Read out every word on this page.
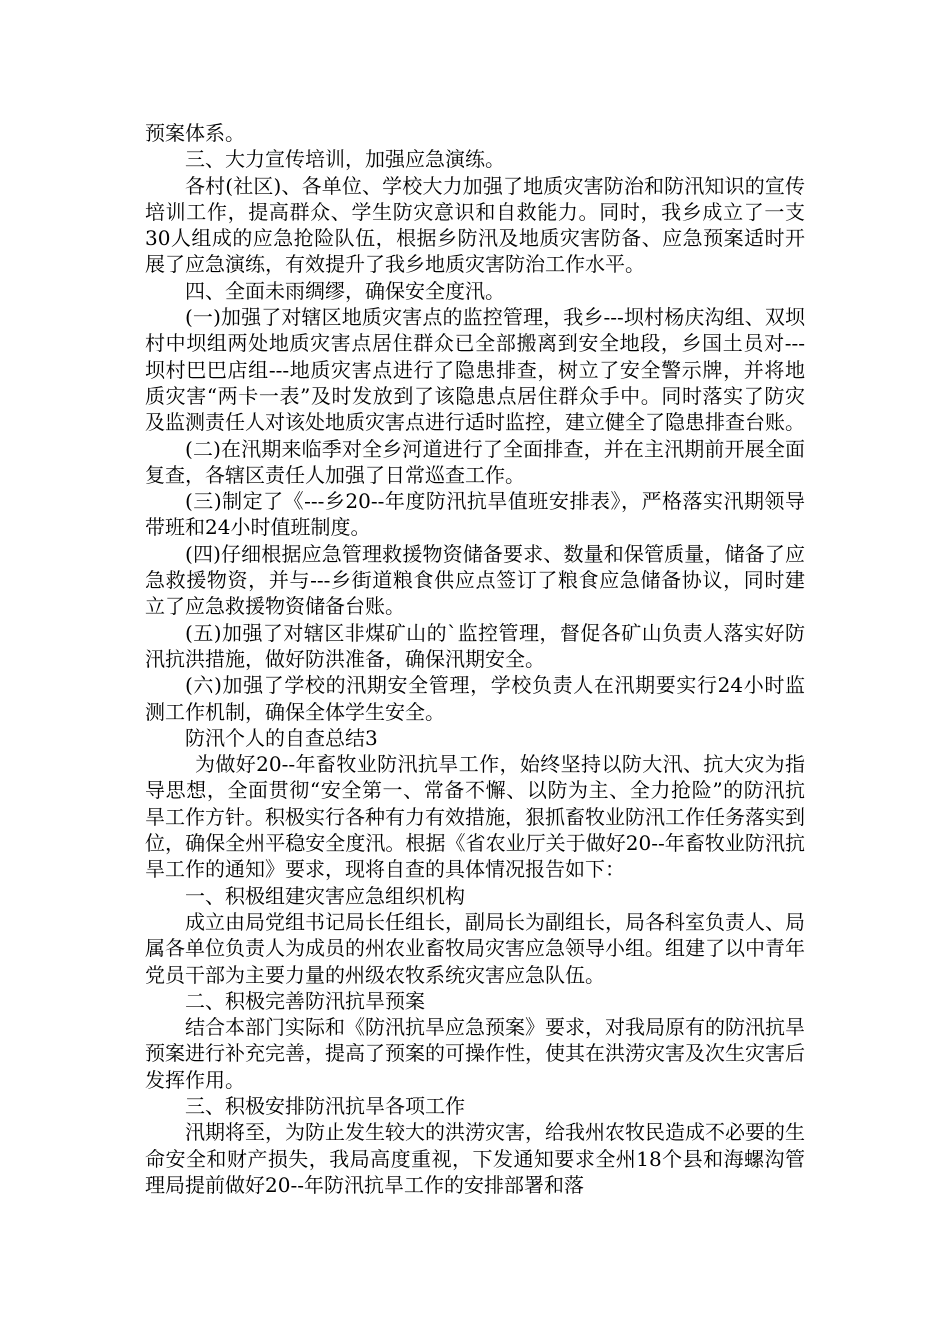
预案体系。

三、大力宣传培训，加强应急演练。

各村(社区)、各单位、学校大力加强了地质灾害防治和防汛知识的宣传培训工作，提高群众、学生防灾意识和自救能力。同时，我乡成立了一支30人组成的应急抢险队伍，根据乡防汛及地质灾害防备、应急预案适时开展了应急演练，有效提升了我乡地质灾害防治工作水平。

四、全面未雨绸缪，确保安全度汛。

(一)加强了对辖区地质灾害点的监控管理，我乡---坝村杨庆沟组、双坝村中坝组两处地质灾害点居住群众已全部搬离到安全地段，乡国土员对---坝村巴巴店组---地质灾害点进行了隐患排查，树立了安全警示牌，并将地质灾害“两卡一表”及时发放到了该隐患点居住群众手中。同时落实了防灾及监测责任人对该处地质灾害点进行适时监控，建立健全了隐患排查台账。

(二)在汛期来临季对全乡河道进行了全面排查，并在主汛期前开展全面复查，各辖区责任人加强了日常巡查工作。

(三)制定了《---乡20--年度防汛抗旱值班安排表》，严格落实汛期领导带班和24小时值班制度。

(四)仔细根据应急管理救援物资储备要求、数量和保管质量，储备了应急救援物资，并与---乡街道粮食供应点签订了粮食应急储备协议，同时建立了应急救援物资储备台账。

(五)加强了对辖区非煤矿山的`监控管理，督促各矿山负责人落实好防汛抗洪措施，做好防洪准备，确保汛期安全。

(六)加强了学校的汛期安全管理，学校负责人在汛期要实行24小时监测工作机制，确保全体学生安全。

防汛个人的自查总结3

为做好20--年畜牧业防汛抗旱工作，始终坚持以防大汛、抗大灾为指导思想，全面贯彻“安全第一、常备不懈、以防为主、全力抢险”的防汛抗旱工作方针。积极实行各种有力有效措施，狠抓畜牧业防汛工作任务落实到位，确保全州平稳安全度汛。根据《省农业厅关于做好20--年畜牧业防汛抗旱工作的通知》要求，现将自查的具体情况报告如下：

一、积极组建灾害应急组织机构

成立由局党组书记局长任组长，副局长为副组长，局各科室负责人、局属各单位负责人为成员的州农业畜牧局灾害应急领导小组。组建了以中青年党员干部为主要力量的州级农牧系统灾害应急队伍。

二、积极完善防汛抗旱预案

结合本部门实际和《防汛抗旱应急预案》要求，对我局原有的防汛抗旱预案进行补充完善，提高了预案的可操作性，使其在洪涝灾害及次生灾害后发挥作用。

三、积极安排防汛抗旱各项工作

汛期将至，为防止发生较大的洪涝灾害，给我州农牧民造成不必要的生命安全和财产损失，我局高度重视，下发通知要求全州18个县和海螺沟管理局提前做好20--年防汛抗旱工作的安排部署和落
